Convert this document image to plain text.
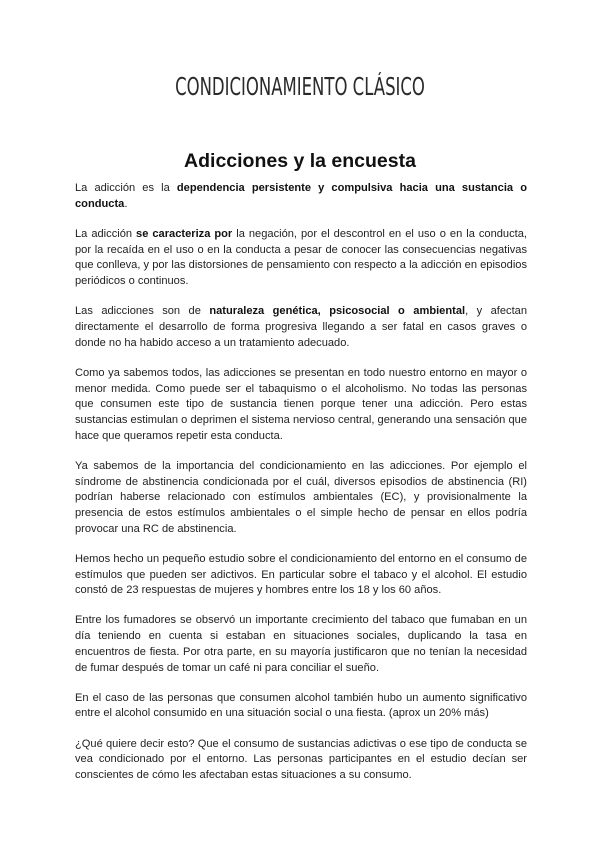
CONDICIONAMIENTO CLÁSICO
Adicciones y la encuesta

La adicción es la dependencia persistente y compulsiva hacia una sustancia o conducta.

La adicción se caracteriza por la negación, por el descontrol en el uso o en la conducta, por la recaída en el uso o en la conducta a pesar de conocer las consecuencias negativas que conlleva, y por las distorsiones de pensamiento con respecto a la adicción en episodios periódicos o continuos.

Las adicciones son de naturaleza genética, psicosocial o ambiental, y afectan directamente el desarrollo de forma progresiva llegando a ser fatal en casos graves o donde no ha habido acceso a un tratamiento adecuado.

Como ya sabemos todos, las adicciones se presentan en todo nuestro entorno en mayor o menor medida. Como puede ser el tabaquismo o el alcoholismo. No todas las personas que consumen este tipo de sustancia tienen porque tener una adicción. Pero estas sustancias estimulan o deprimen el sistema nervioso central, generando una sensación que hace que queramos repetir esta conducta.

Ya sabemos de la importancia del condicionamiento en las adicciones. Por ejemplo el síndrome de abstinencia condicionada por el cuál, diversos episodios de abstinencia (RI) podrían haberse relacionado con estímulos ambientales (EC), y provisionalmente la presencia de estos estímulos ambientales o el simple hecho de pensar en ellos podría provocar una RC de abstinencia.

Hemos hecho un pequeño estudio sobre el condicionamiento del entorno en el consumo de estímulos que pueden ser adictivos. En particular sobre el tabaco y el alcohol. El estudio constó de 23 respuestas de mujeres y hombres entre los 18 y los 60 años.

Entre los fumadores se observó un importante crecimiento del tabaco que fumaban en un día teniendo en cuenta si estaban en situaciones sociales, duplicando la tasa en encuentros de fiesta. Por otra parte, en su mayoría justificaron que no tenían la necesidad de fumar después de tomar un café ni para conciliar el sueño.

En el caso de las personas que consumen alcohol también hubo un aumento significativo entre el alcohol consumido en una situación social o una fiesta. (aprox un 20% más)

¿Qué quiere decir esto? Que el consumo de sustancias adictivas o ese tipo de conducta se vea condicionado por el entorno. Las personas participantes en el estudio decían ser conscientes de cómo les afectaban estas situaciones a su consumo.
